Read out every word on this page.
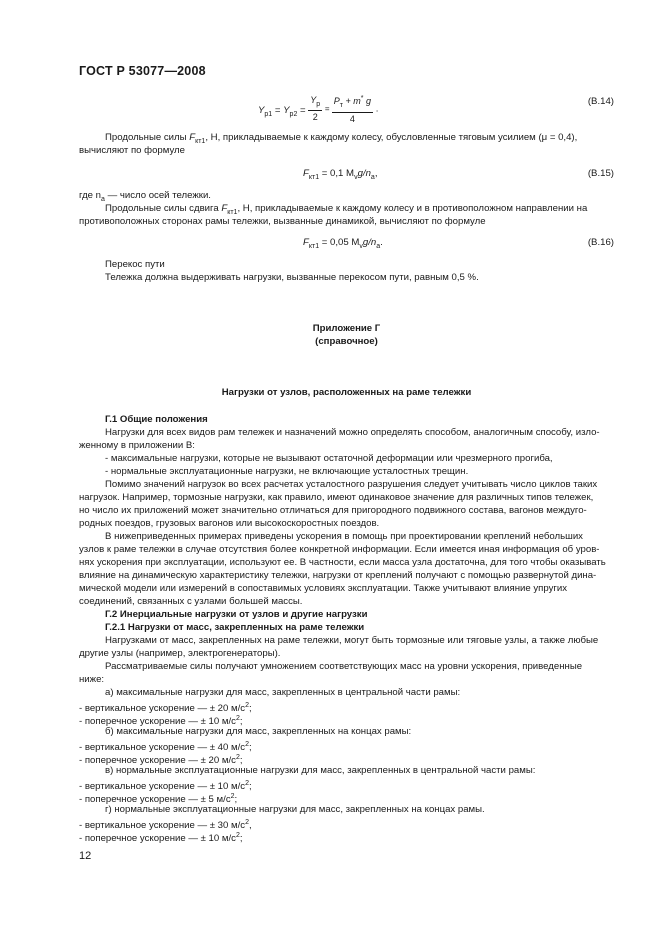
ГОСТ Р 53077—2008
$Y_{р1} = Y_{р2} = \frac{Y_р}{2} = \frac{P_т + m^* g}{4}$ .
(B.14)
Продольные силы $F_{кт1}$, Н, прикладываемые к каждому колесу, обусловленные тяговым усилием (μ = 0,4),
вычисляют по формуле
$F_{кт1} = 0,1$ $M_vg/n_a$,	(B.15)
где $n_a$ — число осей тележки.
Продольные силы сдвига $F_{кт1}$, Н, прикладываемые к каждому колесу и в противоположном направлении на
противоположных сторонах рамы тележки, вызванные динамикой, вычисляют по формуле
$F_{кт1} = 0,05$ $M_vg/n_a$.	(B.16)
Перекос пути
Тележка должна выдерживать нагрузки, вызванные перекосом пути, равным 0,5 %.
Приложение Г
(справочное)
Нагрузки от узлов, расположенных на раме тележки
Г.1 Общие положения
Нагрузки для всех видов рам тележек и назначений можно определять способом, аналогичным способу, изло-
женному в приложении В:
- максимальные нагрузки, которые не вызывают остаточной деформации или чрезмерного прогиба,
- нормальные эксплуатационные нагрузки, не включающие усталостных трещин.
Помимо значений нагрузок во всех расчетах усталостного разрушения следует учитывать число циклов таких
нагрузок. Например, тормозные нагрузки, как правило, имеют одинаковое значение для различных типов тележек,
но число их приложений может значительно отличаться для пригородного подвижного состава, вагонов междуго-
родных поездов, грузовых вагонов или высокоскоростных поездов.
В нижеприведенных примерах приведены ускорения в помощь при проектировании креплений небольших
узлов к раме тележки в случае отсутствия более конкретной информации. Если имеется иная информация об уров-
нях ускорения при эксплуатации, используют ее. В частности, если масса узла достаточна, для того чтобы оказывать
влияние на динамическую характеристику тележки, нагрузки от креплений получают с помощью развернутой дина-
мической модели или измерений в сопоставимых условиях эксплуатации. Также учитывают влияние упругих
соединений, связанных с узлами большей массы.
Г.2 Инерциальные нагрузки от узлов и другие нагрузки
Г.2.1 Нагрузки от масс, закрепленных на раме тележки
Нагрузками от масс, закрепленных на раме тележки, могут быть тормозные или тяговые узлы, а также любые
другие узлы (например, электрогенераторы).
Рассматриваемые силы получают умножением соответствующих масс на уровни ускорения, приведенные
ниже:
а) максимальные нагрузки для масс, закрепленных в центральной части рамы:
- вертикальное ускорение — ± 20 $м/с^2$;
- поперечное ускорение — ± 10 $м/с^2$;
б) максимальные нагрузки для масс, закрепленных на концах рамы:
- вертикальное ускорение — ± 40 $м/с^2$;
- поперечное ускорение — ± 20 $м/с^2$;
в) нормальные эксплуатационные нагрузки для масс, закрепленных в центральной части рамы:
- вертикальное ускорение — ± 10 $м/с^2$;
- поперечное ускорение — ± 5 $м/с^2$;
г) нормальные эксплуатационные нагрузки для масс, закрепленных на концах рамы.
- вертикальное ускорение — ± 30 $м/с^2$,
- поперечное ускорение — ± 10 $м/с^2$;
12
